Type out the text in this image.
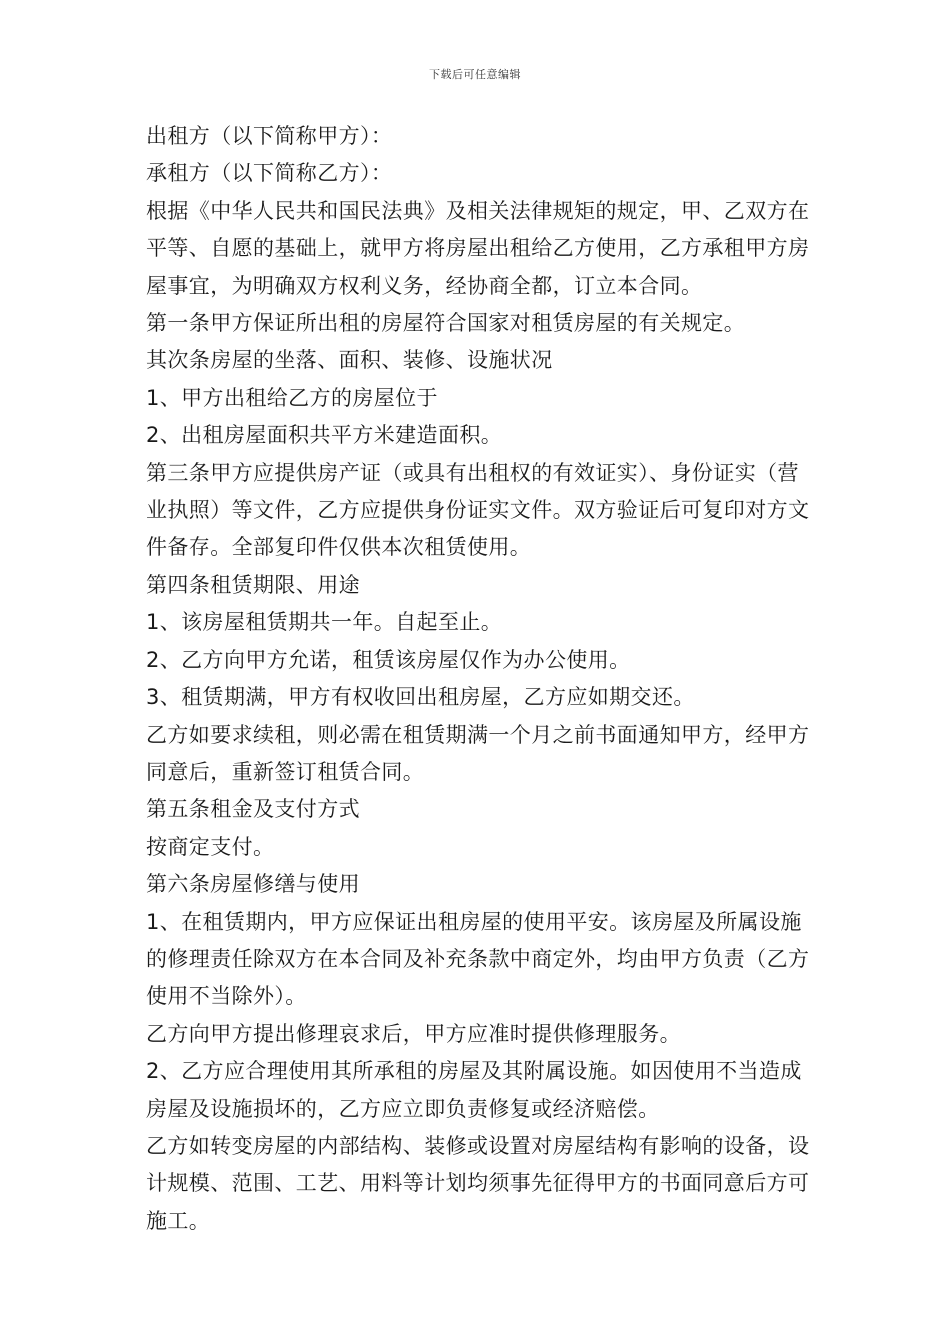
下载后可任意编辑

出租方（以下简称甲方）：

承租方（以下简称乙方）：

根据《中华人民共和国民法典》及相关法律规矩的规定，甲、乙双方在平等、自愿的基础上，就甲方将房屋出租给乙方使用，乙方承租甲方房屋事宜，为明确双方权利义务，经协商全都，订立本合同。

第一条甲方保证所出租的房屋符合国家对租赁房屋的有关规定。

其次条房屋的坐落、面积、装修、设施状况

1、甲方出租给乙方的房屋位于

2、出租房屋面积共平方米建造面积。

第三条甲方应提供房产证（或具有出租权的有效证实）、身份证实（营业执照）等文件，乙方应提供身份证实文件。双方验证后可复印对方文件备存。全部复印件仅供本次租赁使用。

第四条租赁期限、用途

1、该房屋租赁期共一年。自起至止。

2、乙方向甲方允诺，租赁该房屋仅作为办公使用。

3、租赁期满，甲方有权收回出租房屋，乙方应如期交还。

乙方如要求续租，则必需在租赁期满一个月之前书面通知甲方，经甲方同意后，重新签订租赁合同。

第五条租金及支付方式

按商定支付。

第六条房屋修缮与使用

1、在租赁期内，甲方应保证出租房屋的使用平安。该房屋及所属设施的修理责任除双方在本合同及补充条款中商定外，均由甲方负责（乙方使用不当除外）。

乙方向甲方提出修理哀求后，甲方应准时提供修理服务。

2、乙方应合理使用其所承租的房屋及其附属设施。如因使用不当造成房屋及设施损坏的，乙方应立即负责修复或经济赔偿。

乙方如转变房屋的内部结构、装修或设置对房屋结构有影响的设备，设计规模、范围、工艺、用料等计划均须事先征得甲方的书面同意后方可施工。
